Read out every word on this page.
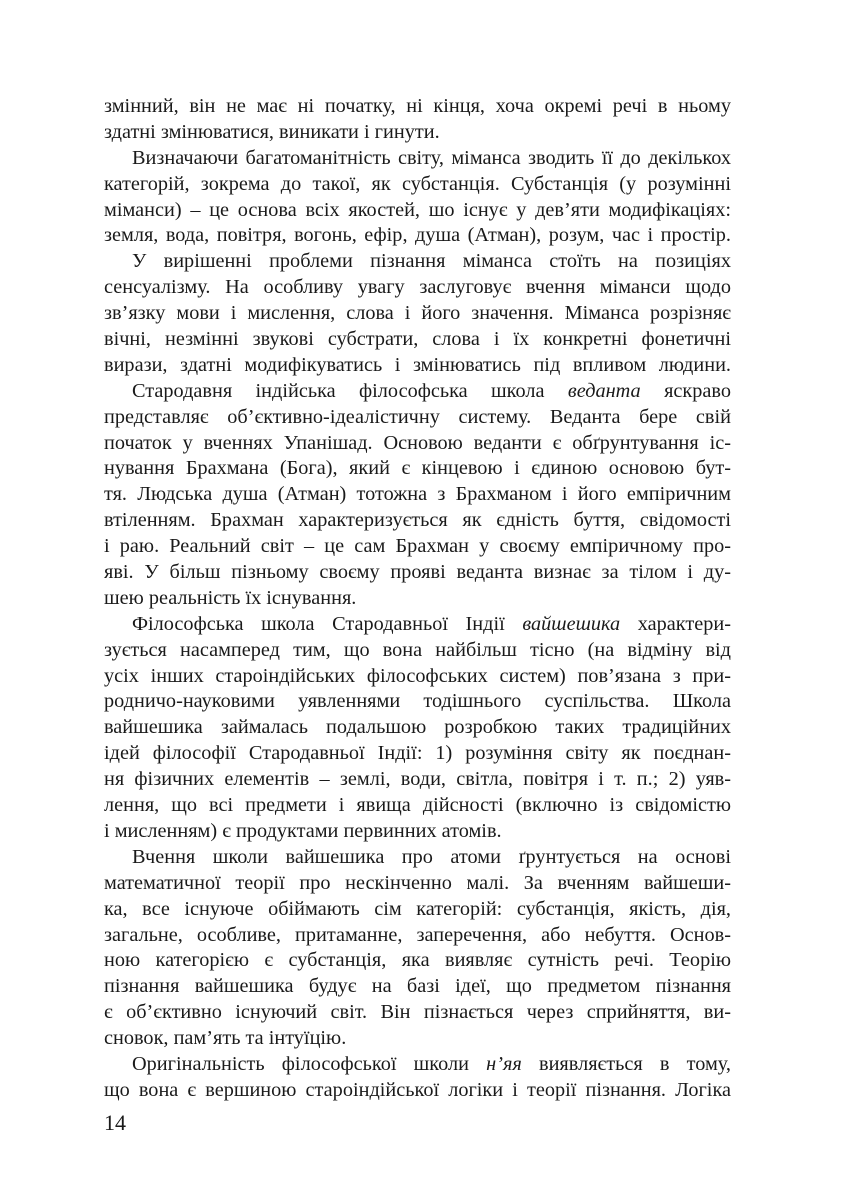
змінний, він не має ні початку, ні кінця, хоча окремі речі в ньому
здатні змінюватися, виникати і гинути.
Визначаючи багатоманітність світу, міманса зводить її до декількох
категорій, зокрема до такої, як субстанція. Субстанція (у розумінні
міманси) – це основа всіх якостей, шо існує у дев’яти модифікаціях:
земля, вода, повітря, вогонь, ефір, душа (Атман), розум, час і простір.
У вирішенні проблеми пізнання міманса стоїть на позиціях
сенсуалізму. На особливу увагу заслуговує вчення міманси щодо
зв’язку мови і мислення, слова і його значення. Міманса розрізняє
вічні, незмінні звукові субстрати, слова і їх конкретні фонетичні
вирази, здатні модифікуватись і змінюватись під впливом людини.
Стародавня індійська філософська школа веданта яскраво
представляє об’єктивно-ідеалістичну систему. Веданта бере свій
початок у вченнях Упанішад. Основою веданти є обґрунтування іс-
нування Брахмана (Бога), який є кінцевою і єдиною основою бут-
тя. Людська душа (Атман) тотожна з Брахманом і його емпіричним
втіленням. Брахман характеризується як єдність буття, свідомості
і раю. Реальний світ – це сам Брахман у своєму емпіричному про-
яві. У більш пізньому своєму прояві веданта визнає за тілом і ду-
шею реальність їх існування.
Філософська школа Стародавньої Індії вайшешика характери-
зується насамперед тим, що вона найбільш тісно (на відміну від
усіх інших староіндійських філософських систем) пов’язана з при-
родничо-науковими уявленнями тодішнього суспільства. Школа
вайшешика займалась подальшою розробкою таких традиційних
ідей філософії Стародавньої Індії: 1) розуміння світу як поєднан-
ня фізичних елементів – землі, води, світла, повітря і т. п.; 2) уяв-
лення, що всі предмети і явища дійсності (включно із свідомістю
і мисленням) є продуктами первинних атомів.
Вчення школи вайшешика про атоми ґрунтується на основі
математичної теорії про нескінченно малі. За вченням вайшеши-
ка, все існуюче обіймають сім категорій: субстанція, якість, дія,
загальне, особливе, притаманне, заперечення, або небуття. Основ-
ною категорією є субстанція, яка виявляє сутність речі. Теорію
пізнання вайшешика будує на базі ідеї, що предметом пізнання
є об’єктивно існуючий світ. Він пізнається через сприйняття, ви-
сновок, пам’ять та інтуїцію.
Оригінальність філософської школи н’яя виявляється в тому,
що вона є вершиною староіндійської логіки і теорії пізнання. Логіка
14
